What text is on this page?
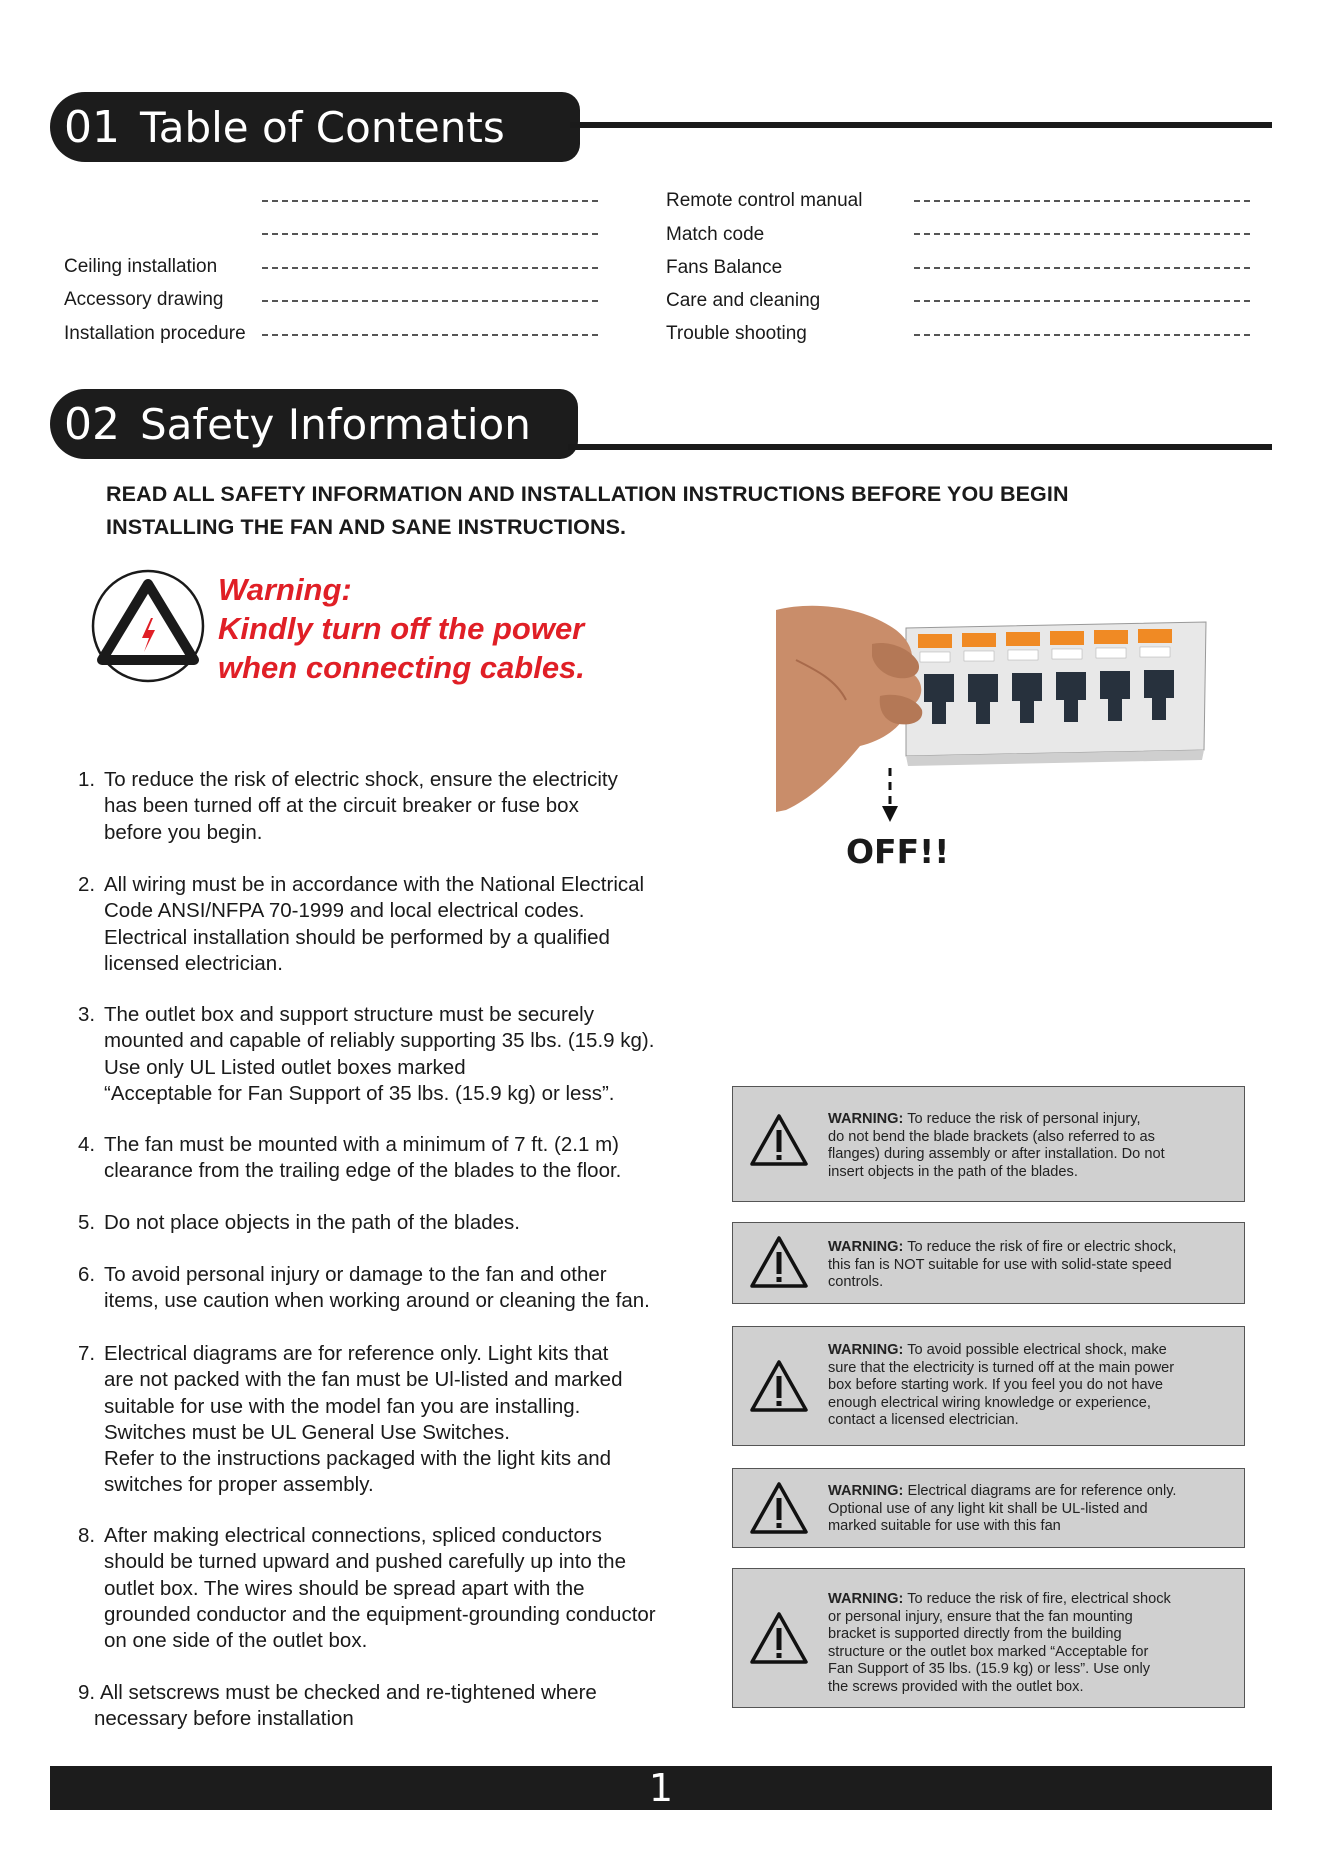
01 Table of Contents
Ceiling installation
Accessory drawing
Installation procedure
Remote control manual
Match code
Fans Balance
Care and cleaning
Trouble shooting
02 Safety Information
READ ALL SAFETY INFORMATION AND INSTALLATION INSTRUCTIONS BEFORE YOU BEGIN
INSTALLING THE FAN AND SANE INSTRUCTIONS.
Warning:
Kindly turn off the power
when connecting cables.
OFF!!
1. To reduce the risk of electric shock, ensure the electricity
has been turned off at the circuit breaker or fuse box
before you begin.
2. All wiring must be in accordance with the National Electrical
Code ANSI/NFPA 70-1999 and local electrical codes.
Electrical installation should be performed by a qualified
licensed electrician.
3. The outlet box and support structure must be securely
mounted and capable of reliably supporting 35 lbs. (15.9 kg).
Use only UL Listed outlet boxes marked
“Acceptable for Fan Support of 35 lbs. (15.9 kg) or less”.
4. The fan must be mounted with a minimum of 7 ft. (2.1 m)
clearance from the trailing edge of the blades to the floor.
5. Do not place objects in the path of the blades.
6. To avoid personal injury or damage to the fan and other
items, use caution when working around or cleaning the fan.
7. Electrical diagrams are for reference only. Light kits that
are not packed with the fan must be Ul-listed and marked
suitable for use with the model fan you are installing.
Switches must be UL General Use Switches.
Refer to the instructions packaged with the light kits and
switches for proper assembly.
8. After making electrical connections, spliced conductors
should be turned upward and pushed carefully up into the
outlet box. The wires should be spread apart with the
grounded conductor and the equipment-grounding conductor
on one side of the outlet box.
9. All setscrews must be checked and re-tightened where
necessary before installation
WARNING: To reduce the risk of personal injury,
do not bend the blade brackets (also referred to as
flanges) during assembly or after installation. Do not
insert objects in the path of the blades.
WARNING: To reduce the risk of fire or electric shock,
this fan is NOT suitable for use with solid-state speed
controls.
WARNING: To avoid possible electrical shock, make
sure that the electricity is turned off at the main power
box before starting work. If you feel you do not have
enough electrical wiring knowledge or experience,
contact a licensed electrician.
WARNING: Electrical diagrams are for reference only.
Optional use of any light kit shall be UL-listed and
marked suitable for use with this fan
WARNING: To reduce the risk of fire, electrical shock
or personal injury, ensure that the fan mounting
bracket is supported directly from the building
structure or the outlet box marked “Acceptable for
Fan Support of 35 lbs. (15.9 kg) or less”. Use only
the screws provided with the outlet box.
1
